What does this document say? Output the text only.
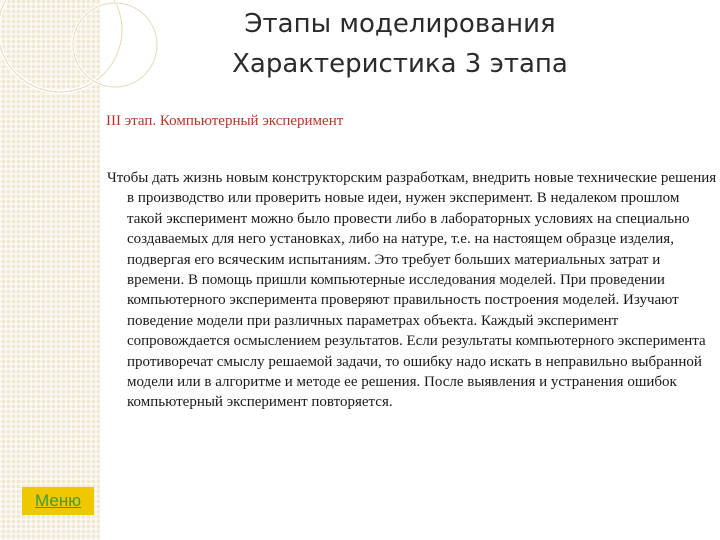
Этапы моделирования
Характеристика 3 этапа
III этап. Компьютерный эксперимент

Чтобы дать жизнь новым конструкторским разработкам, внедрить новые технические решения в производство или проверить новые идеи, нужен эксперимент. В недалеком прошлом такой эксперимент можно было провести либо в лабораторных условиях на специально создаваемых для него установках, либо на натуре, т.е. на настоящем образце изделия, подвергая его всяческим испытаниям. Это требует больших материальных затрат и времени. В помощь пришли компьютерные исследования моделей. При проведении компьютерного эксперимента проверяют правильность построения моделей. Изучают поведение модели при различных параметрах объекта. Каждый эксперимент сопровождается осмыслением результатов. Если результаты компьютерного эксперимента противоречат смыслу решаемой задачи, то ошибку надо искать в неправильно выбранной модели или в алгоритме и методе ее решения. После выявления и устранения ошибок компьютерный эксперимент повторяется.

Меню
